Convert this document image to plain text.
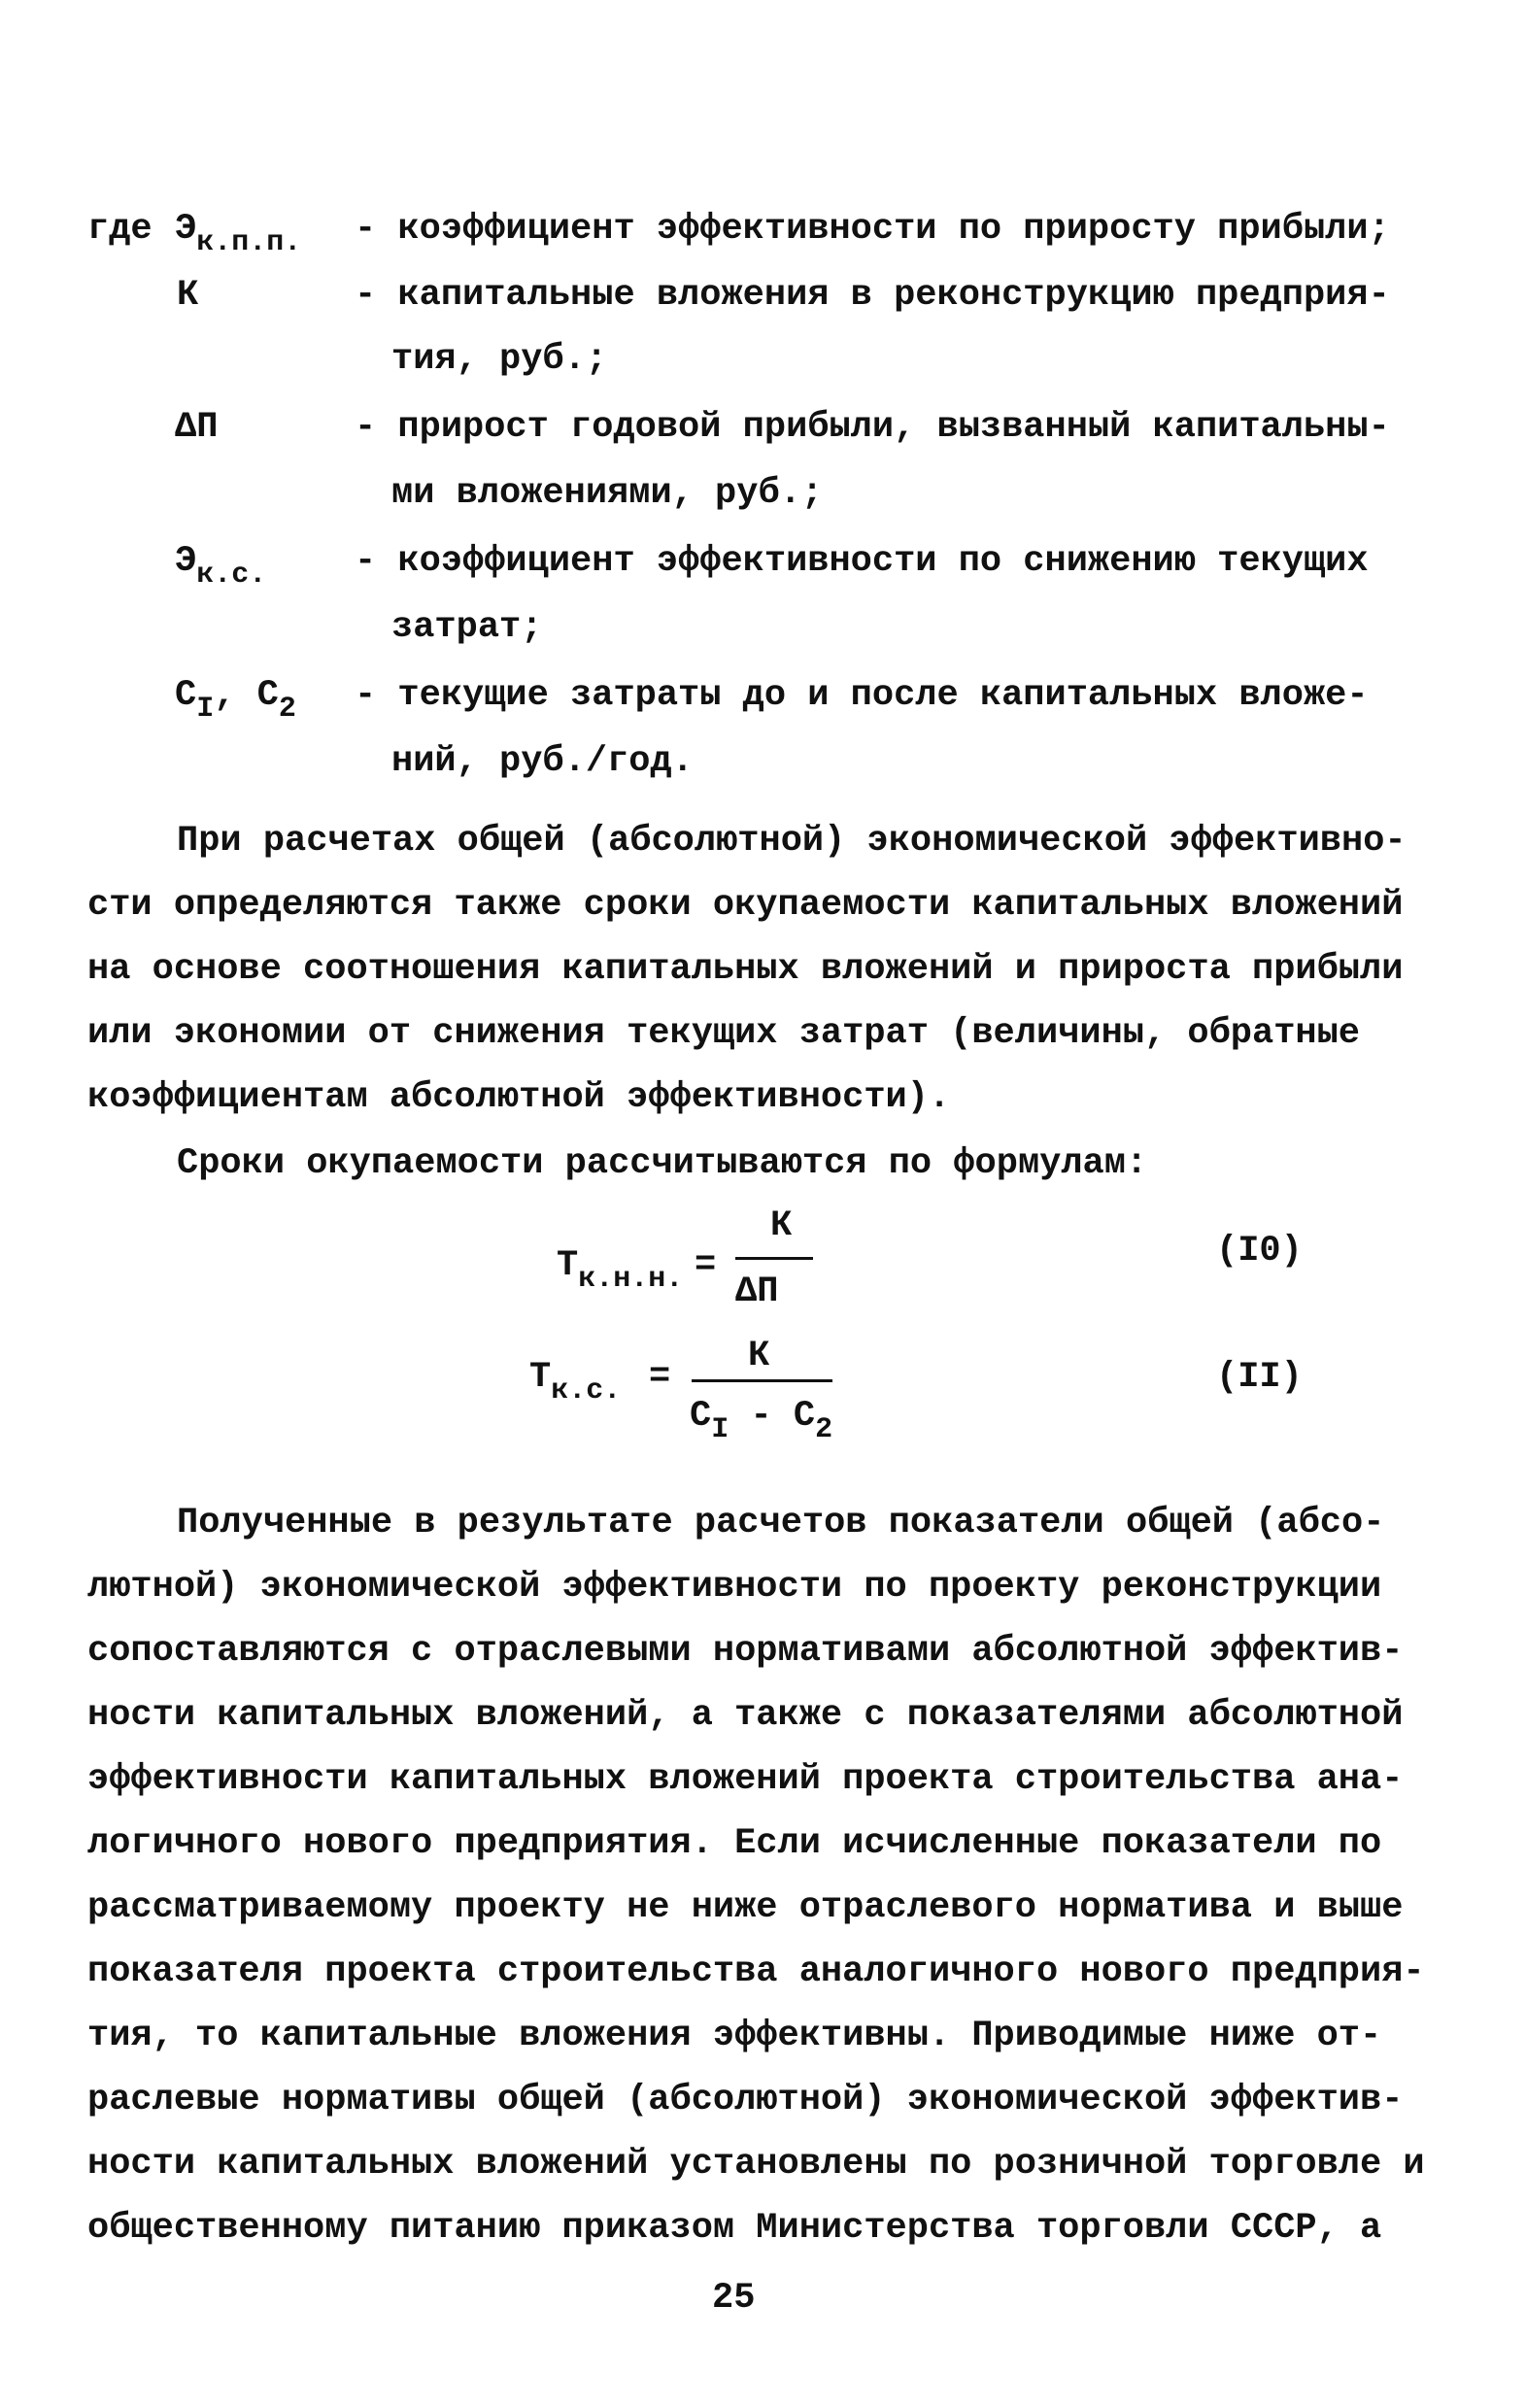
где $Э_{к.п.п.}$ - коэффициент эффективности по приросту прибыли;
К	- капитальные вложения в реконструкцию предприя-
тия, руб.;
ΔП	- прирост годовой прибыли, вызванный капитальны-
ми вложениями, руб.;
$Э_{к.с.}$ - коэффициент эффективности по снижению текущих
затрат;
$С_I$, $С_2$ - текущие затраты до и после капитальных вложе-
ний, руб./год.
При расчетах общей (абсолютной) экономической эффективно-
сти определяются также сроки окупаемости капитальных вложений
на основе соотношения капитальных вложений и прироста прибыли
или экономии от снижения текущих затрат (величины, обратные
коэффициентам абсолютной эффективности).
Сроки окупаемости рассчитываются по формулам:
$Т_{к.н.н.}$ =
К
ΔП
(I0)
$Т_{к.с.}$ =
К
$С_I - С_2$
(II)
Полученные в результате расчетов показатели общей (абсо-
лютной) экономической эффективности по проекту реконструкции
сопоставляются с отраслевыми нормативами абсолютной эффектив-
ности капитальных вложений, а также с показателями абсолютной
эффективности капитальных вложений проекта строительства ана-
логичного нового предприятия. Если исчисленные показатели по
рассматриваемому проекту не ниже отраслевого норматива и выше
показателя проекта строительства аналогичного нового предприя-
тия, то капитальные вложения эффективны. Приводимые ниже от-
раслевые нормативы общей (абсолютной) экономической эффектив-
ности капитальных вложений установлены по розничной торговле и
общественному питанию приказом Министерства торговли СССР, а
25
